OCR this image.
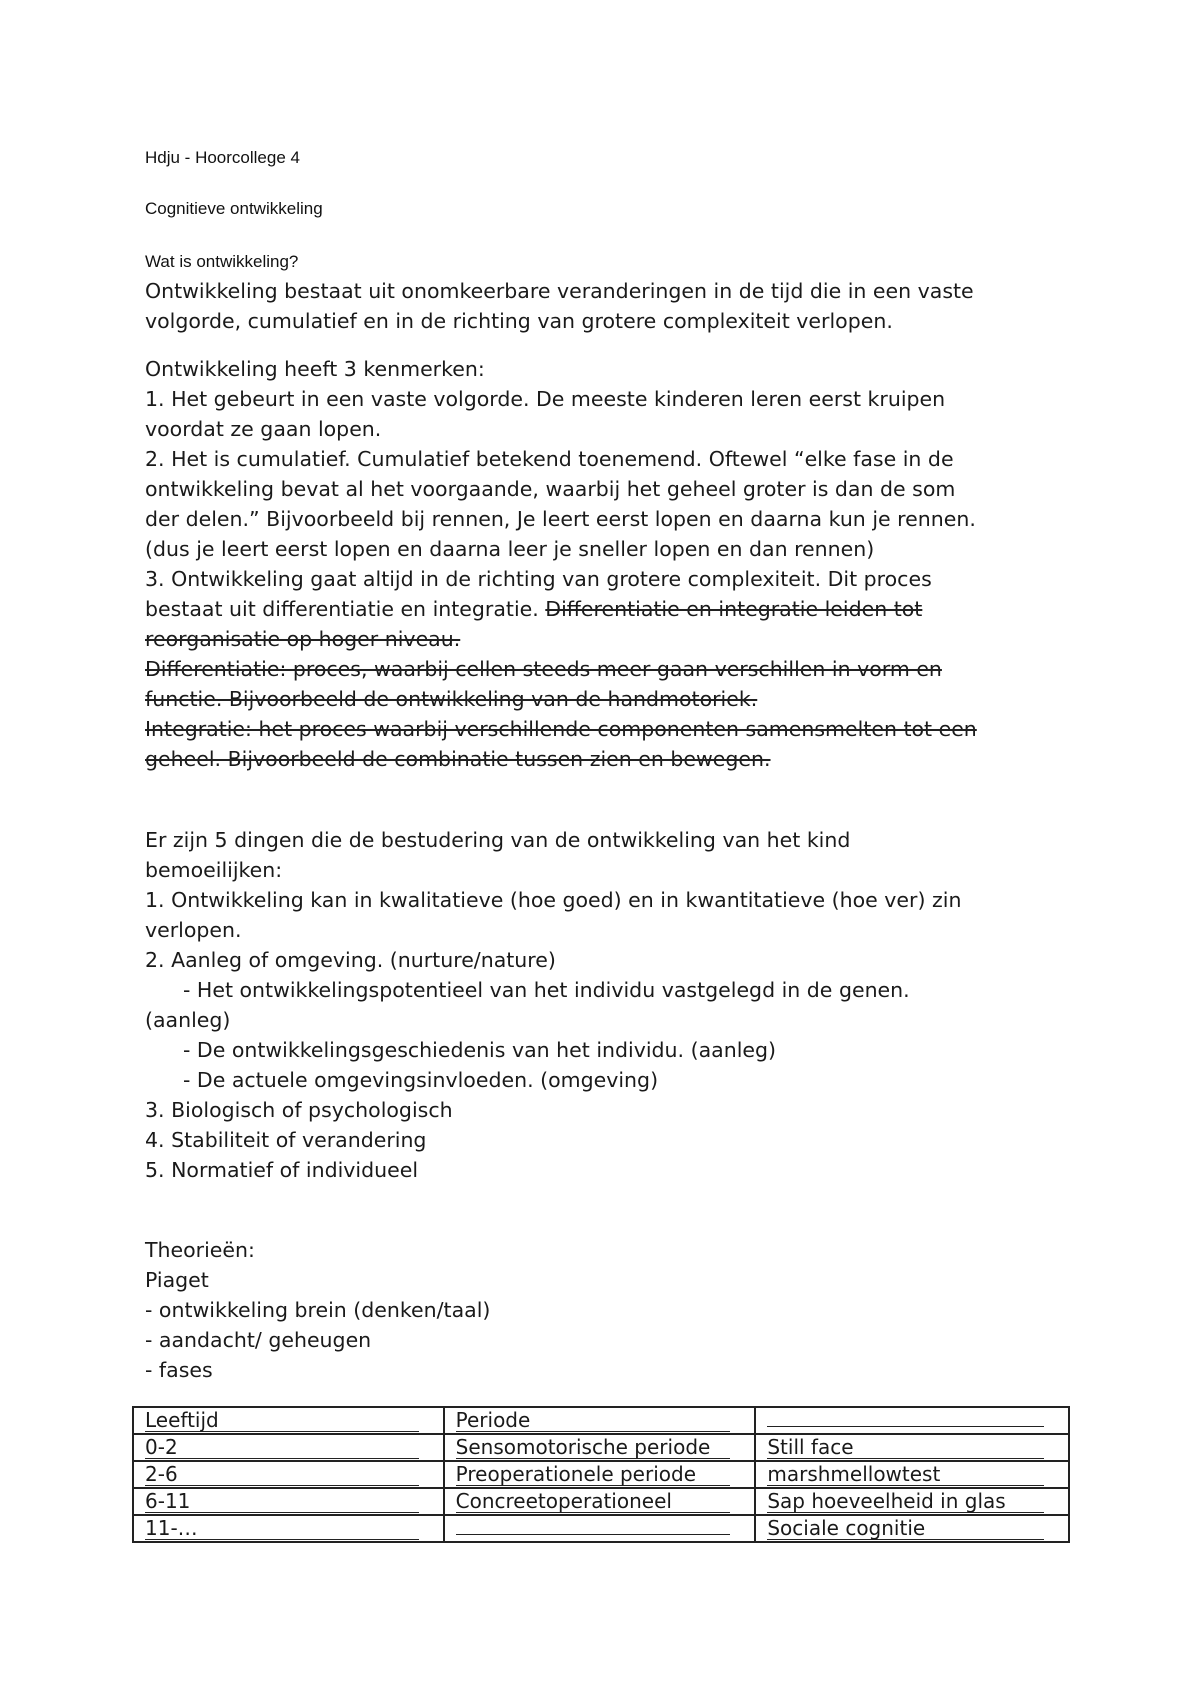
Hdju - Hoorcollege 4
Cognitieve ontwikkeling
Wat is ontwikkeling?
Ontwikkeling bestaat uit onomkeerbare veranderingen in de tijd die in een vaste
volgorde, cumulatief en in de richting van grotere complexiteit verlopen.
Ontwikkeling heeft 3 kenmerken:
1. Het gebeurt in een vaste volgorde. De meeste kinderen leren eerst kruipen
voordat ze gaan lopen.
2. Het is cumulatief. Cumulatief betekend toenemend. Oftewel “elke fase in de
ontwikkeling bevat al het voorgaande, waarbij het geheel groter is dan de som
der delen.” Bijvoorbeeld bij rennen, Je leert eerst lopen en daarna kun je rennen.
(dus je leert eerst lopen en daarna leer je sneller lopen en dan rennen)
3. Ontwikkeling gaat altijd in de richting van grotere complexiteit. Dit proces
bestaat uit differentiatie en integratie. Differentiatie en integratie leiden tot
reorganisatie op hoger niveau.
Differentiatie: proces, waarbij cellen steeds meer gaan verschillen in vorm en
functie. Bijvoorbeeld de ontwikkeling van de handmotoriek.
Integratie: het proces waarbij verschillende componenten samensmelten tot een
geheel. Bijvoorbeeld de combinatie tussen zien en bewegen.
Er zijn 5 dingen die de bestudering van de ontwikkeling van het kind
bemoeilijken:
1. Ontwikkeling kan in kwalitatieve (hoe goed) en in kwantitatieve (hoe ver) zin
verlopen.
2. Aanleg of omgeving. (nurture/nature)
- Het ontwikkelingspotentieel van het individu vastgelegd in de genen.
(aanleg)
- De ontwikkelingsgeschiedenis van het individu. (aanleg)
- De actuele omgevingsinvloeden. (omgeving)
3. Biologisch of psychologisch
4. Stabiliteit of verandering
5. Normatief of individueel
Theorieën:
Piaget
- ontwikkeling brein (denken/taal)
- aandacht/ geheugen
- fases
Leeftijd	Periode	
0-2	Sensomotorische periode	Still face
2-6	Preoperationele periode	marshmellowtest
6-11	Concreetoperationeel	Sap hoeveelheid in glas
11-…		Sociale cognitie
